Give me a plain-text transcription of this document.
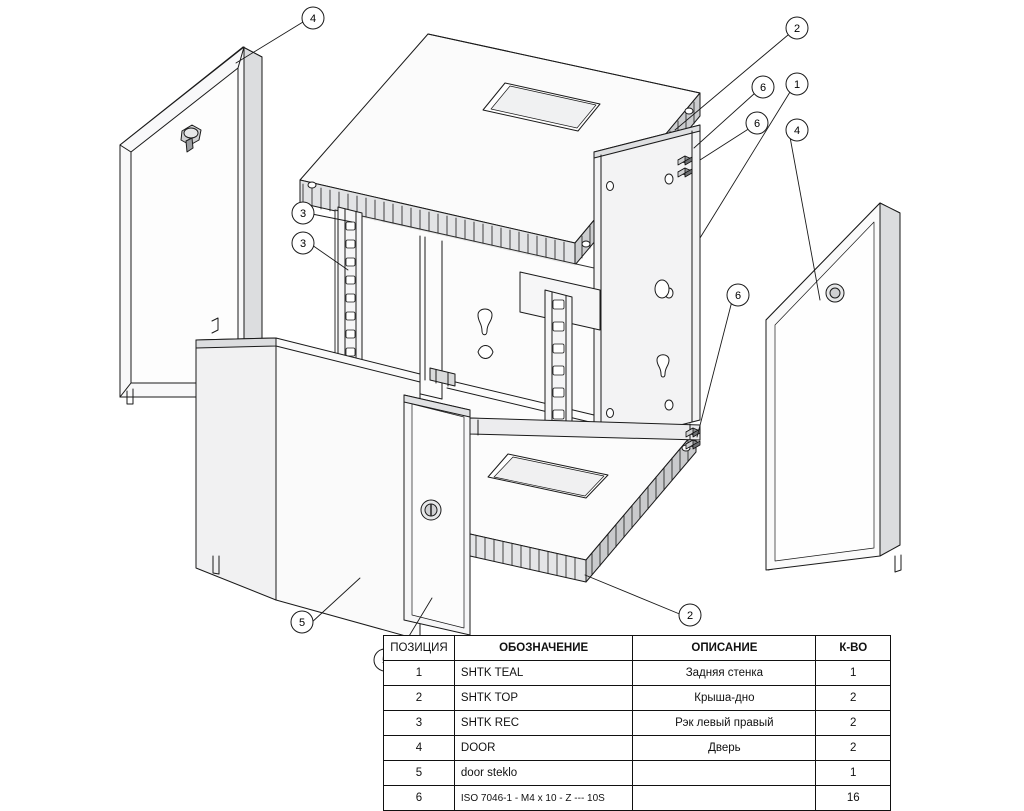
4
2
6	1
6
4
3
3
6
2
5
ПОЗИЦИЯ	ОБОЗНАЧЕНИЕ	ОПИСАНИЕ	К-ВО
1	SHTK TEAL	Задняя стенка	1
2	SHTK TOP	Крыша-дно	2
3	SHTK REC	Рэк левый правый	2
4	DOOR	Дверь	2
5	door steklo		1
6	ISO 7046-1 - M4 x 10 - Z --- 10S		16
